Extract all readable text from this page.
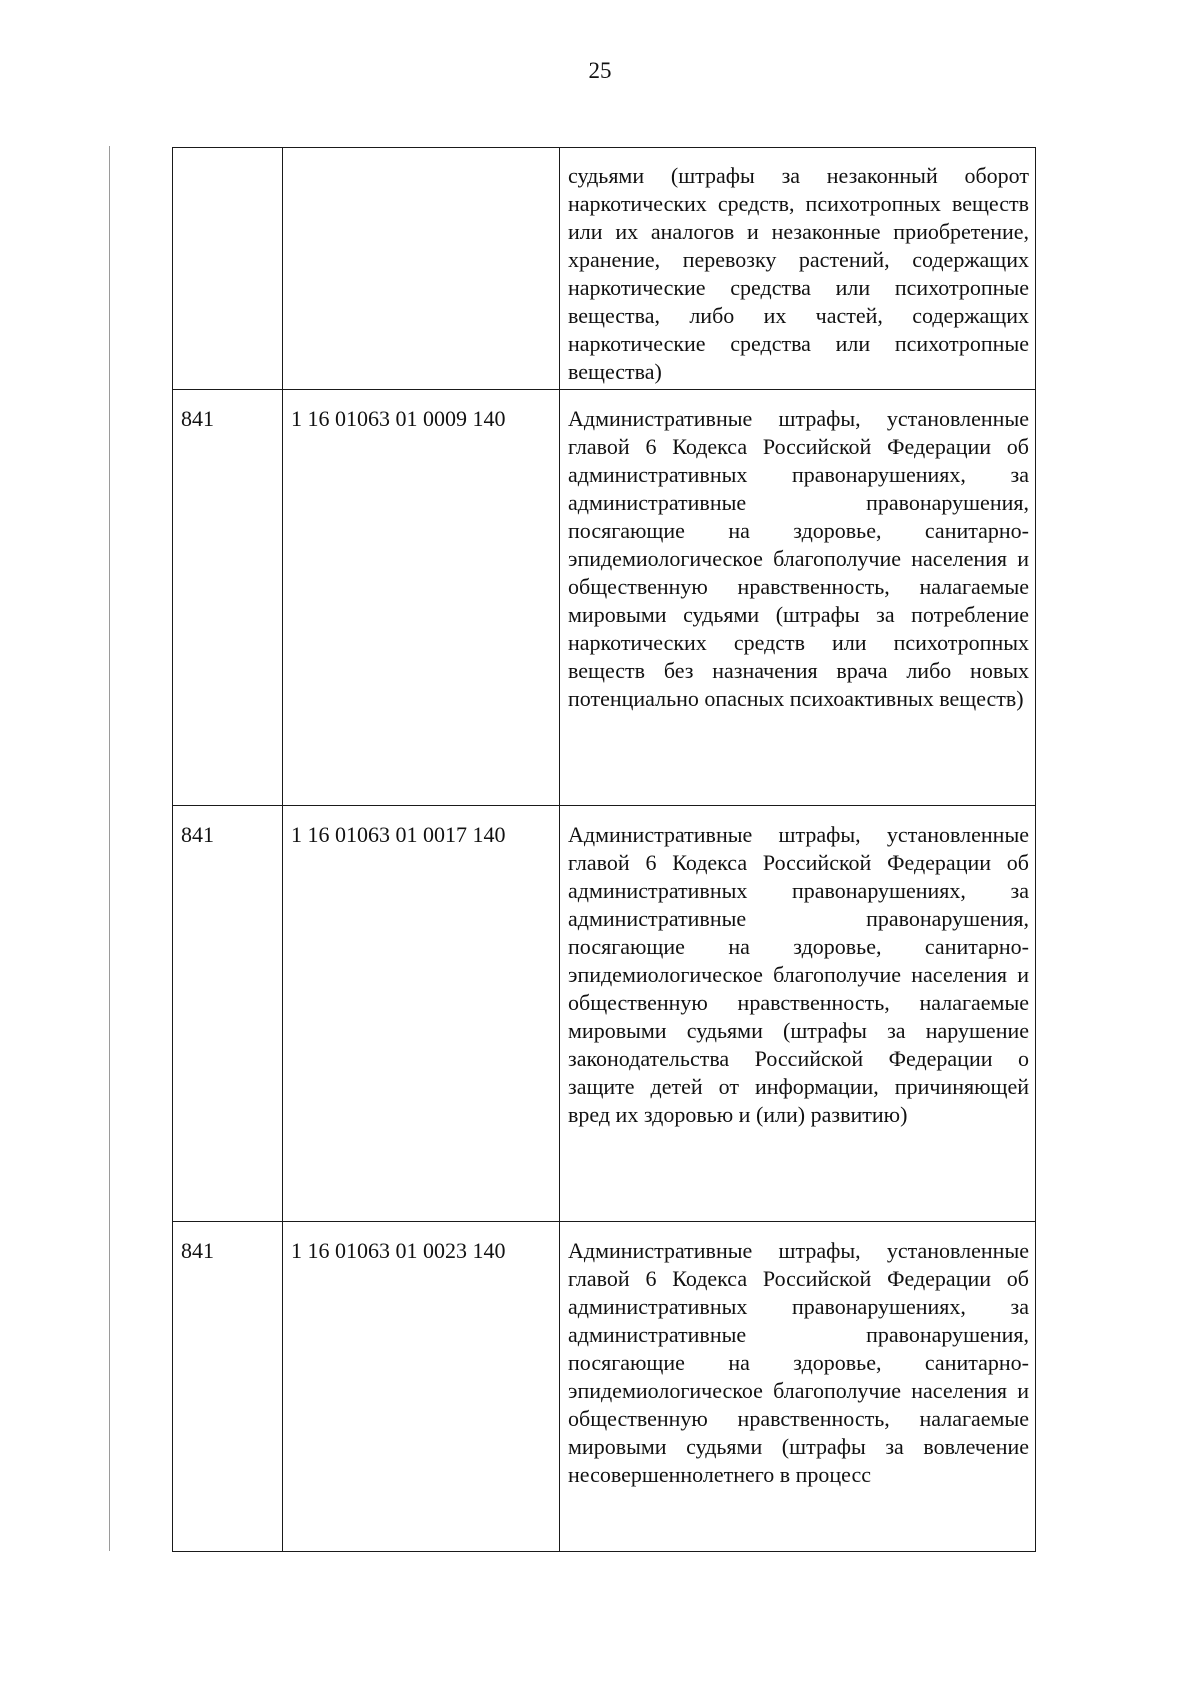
25
		судьями (штрафы за незаконный оборот наркотических средств, психотропных веществ или их аналогов и незаконные приобретение, хранение, перевозку растений, содержащих наркотические средства или психотропные вещества, либо их частей, содержащих наркотические средства или психотропные вещества)
841	1 16 01063 01 0009 140	Административные штрафы, установленные главой 6 Кодекса Российской Федерации об административных правонарушениях, за административные правонарушения, посягающие на здоровье, санитарно-эпидемиологическое благополучие населения и общественную нравственность, налагаемые мировыми судьями (штрафы за потребление наркотических средств или психотропных веществ без назначения врача либо новых потенциально опасных психоактивных веществ)
841	1 16 01063 01 0017 140	Административные штрафы, установленные главой 6 Кодекса Российской Федерации об административных правонарушениях, за административные правонарушения, посягающие на здоровье, санитарно-эпидемиологическое благополучие населения и общественную нравственность, налагаемые мировыми судьями (штрафы за нарушение законодательства Российской Федерации о защите детей от информации, причиняющей вред их здоровью и (или) развитию)
841	1 16 01063 01 0023 140	Административные штрафы, установленные главой 6 Кодекса Российской Федерации об административных правонарушениях, за административные правонарушения, посягающие на здоровье, санитарно-эпидемиологическое благополучие населения и общественную нравственность, налагаемые мировыми судьями (штрафы за вовлечение несовершеннолетнего в процесс
